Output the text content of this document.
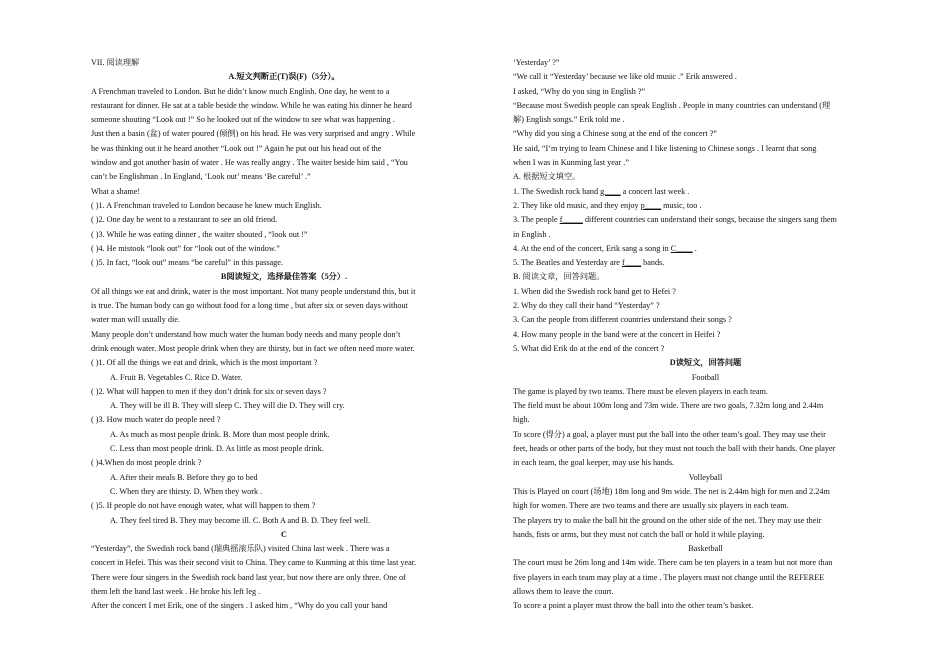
VII. 阅读理解

A.短文判断正(T)误(F)（5分）。

A Frenchman traveled to London. But he didn’t know much English. One day, he went to a

restaurant for dinner. He sat at a table beside the window. While he was eating his dinner he heard

someone shouting “Look out !” So he looked out of the window to see what was happening .

Just then a basin (盆) of water poured (倾倒) on his head. He was very surprised and angry . While

he was thinking out it he heard another “Look out !” Again he put out his head out of the

window and got another basin of water . He was really angry . The waiter beside him said , “You

can’t be Englishman . In England, ‘Look out’ means ‘Be careful’ .”

What a shame!

( )1. A Frenchman traveled to London because he knew much English.

( )2. One day he went to a restaurant to see an old friend.

( )3. While he was eating dinner , the waiter shouted , “look out !”

( )4. He mistook “look out” for “look out of the window.”

( )5. In fact, “look out” means “be careful” in this passage.

B阅读短文，选择最佳答案（5分）.

Of all things we eat and drink, water is the most important. Not many people understand this, but it

is true. The human body can go without food for a long time , but after six or seven days without

water man will usually die.

Many people don’t understand how much water the human body needs and many people don’t

drink enough water. Most people drink when they are thirsty, but in fact we often need more water.

( )1. Of all the things we eat and drink, which is the most important ?

A. Fruit B. Vegetables C. Rice D. Water.

( )2. What will happen to men if they don’t drink for six or seven days ?

A. They will be ill B. They will sleep C. They will die D. They will cry.

( )3. How much water do people need ?

A. As much as most people drink. B. More than most people drink.

C. Less than most people drink. D. As little as most people drink.

( )4.When do most people drink ?

A. After their meals B. Before they go to bed

C. When they are thirsty. D. When they work .

( )5. If people do not have enough water, what will happen to them ?

A. They feel tired B. They may become ill. C. Both A and B. D. They feel well.

C

“Yesterday”, the Swedish rock band (瑞典摇滚乐队) visited China last week . There was a

concert in Hefei. This was their second visit to China. They came to Kunming at this time last year.

There were four singers in the Swedish rock band last year, but now there are only three. One of

them left the band last week . He broke his left leg .

After the concert I met Erik, one of the singers . I asked him , “Why do you call your band

‘Yesterday’ ?”

“We call it “Yesterday’ because we like old music .” Erik answered .

I asked, “Why do you sing in English ?”

“Because most Swedish people can speak English . People in many countries can understand (理

解) English songs.” Erik told me .

“Why did you sing a Chinese song at the end of the concert ?”

He said, “I’m trying to learn Chinese and I like listening to Chinese songs . I learnt that song

when I was in Kunming last year .”

A. 根据短文填空。

1. The Swedish rock band g____ a concert last week .

2. They like old music, and they enjoy p____ music, too .

3. The people f_____ different countries can understand their songs, because the singers sang them

in English .

4. At the end of the concert, Erik sang a song in C____ .

5. The Beatles and Yesterday are f____ bands.

B. 阅读文章，回答问题。

1. When did the Swedish rock band get to Hefei ?

2. Why do they call their band “Yesterday” ?

3. Can the people from different countries understand their songs ?

4. How many people in the band were at the concert in Heifei ?

5. What did Erik do at the end of the concert ?

D读短文，回答问题

Football

The game is played by two teams. There must be eleven players in each team.

The field must be about 100m long and 73m wide. There are two goals, 7.32m long and 2.44m

high.

To score (得分) a goal, a player must put the ball into the other team’s goal. They may use their

feet, heads or other parts of the body, but they must not touch the ball with their hands. One player

in each team, the goal keeper, may use his hands.

Volleyball

This is Played on court (场地) 18m long and 9m wide. The net is 2.44m high for men and 2.24m

high for women. There are two teams and there are usually six players in each team.

The players try to make the ball hit the ground on the other side of the net. They may use their

hands, fists or arms, but they must not catch the ball or hold it while playing.

Basketball

The court must be 26m long and 14m wide. There cam be ten players in a team but not more than

five players in each team may play at a time . The players must not change until the REFEREE

allows them to leave the court.

To score a point a player must throw the ball into the other team’s basket.
